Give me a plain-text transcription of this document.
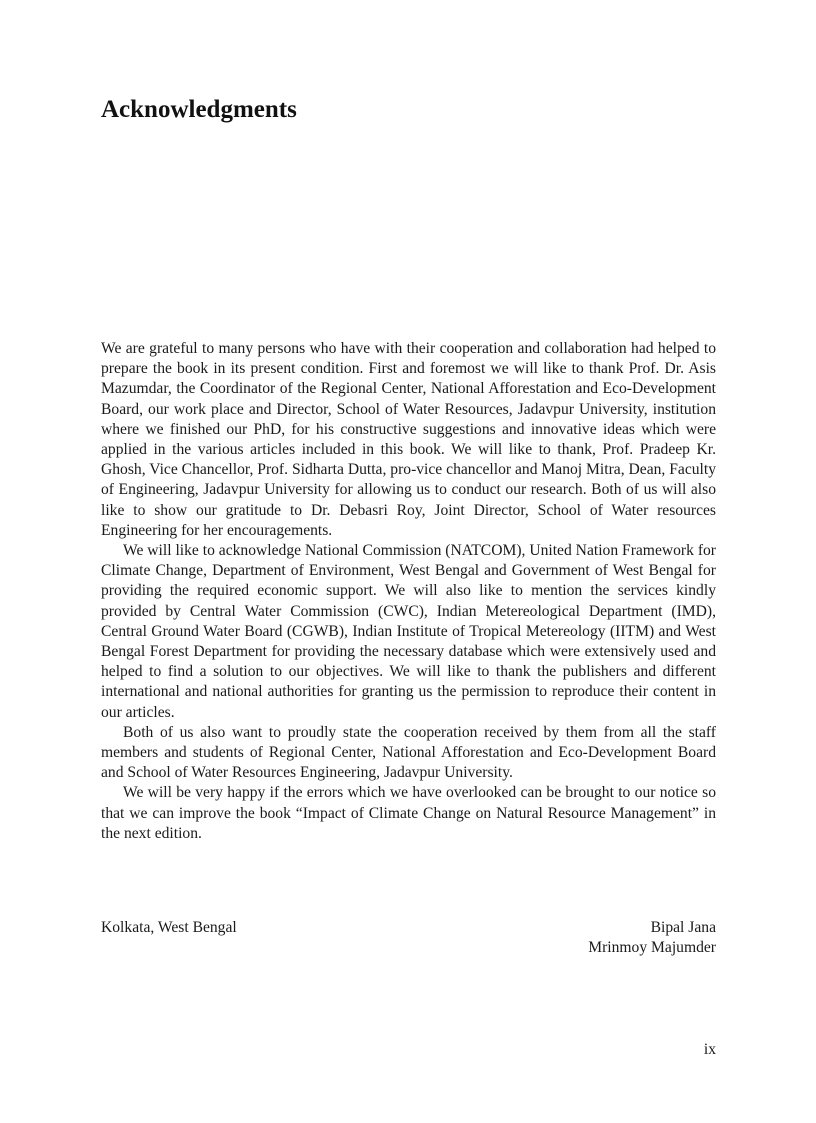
Acknowledgments

We are grateful to many persons who have with their cooperation and collaboration had helped to prepare the book in its present condition. First and foremost we will like to thank Prof. Dr. Asis Mazumdar, the Coordinator of the Regional Center, National Afforestation and Eco-Development Board, our work place and Director, School of Water Resources, Jadavpur University, institution where we finished our PhD, for his constructive suggestions and innovative ideas which were applied in the various articles included in this book. We will like to thank, Prof. Pradeep Kr. Ghosh, Vice Chancellor, Prof. Sidharta Dutta, pro-vice chancellor and Manoj Mitra, Dean, Faculty of Engineering, Jadavpur University for allowing us to conduct our research. Both of us will also like to show our gratitude to Dr. Debasri Roy, Joint Director, School of Water resources Engineering for her encouragements.

We will like to acknowledge National Commission (NATCOM), United Nation Framework for Climate Change, Department of Environment, West Bengal and Government of West Bengal for providing the required economic support. We will also like to mention the services kindly provided by Central Water Commission (CWC), Indian Metereological Department (IMD), Central Ground Water Board (CGWB), Indian Institute of Tropical Metereology (IITM) and West Bengal Forest Department for providing the necessary database which were extensively used and helped to find a solution to our objectives. We will like to thank the publishers and different international and national authorities for granting us the permission to reproduce their content in our articles.

Both of us also want to proudly state the cooperation received by them from all the staff members and students of Regional Center, National Afforestation and Eco-Development Board and School of Water Resources Engineering, Jadavpur University.

We will be very happy if the errors which we have overlooked can be brought to our notice so that we can improve the book “Impact of Climate Change on Natural Resource Management” in the next edition.

Kolkata, West Bengal	Bipal Jana
Mrinmoy Majumder
ix
